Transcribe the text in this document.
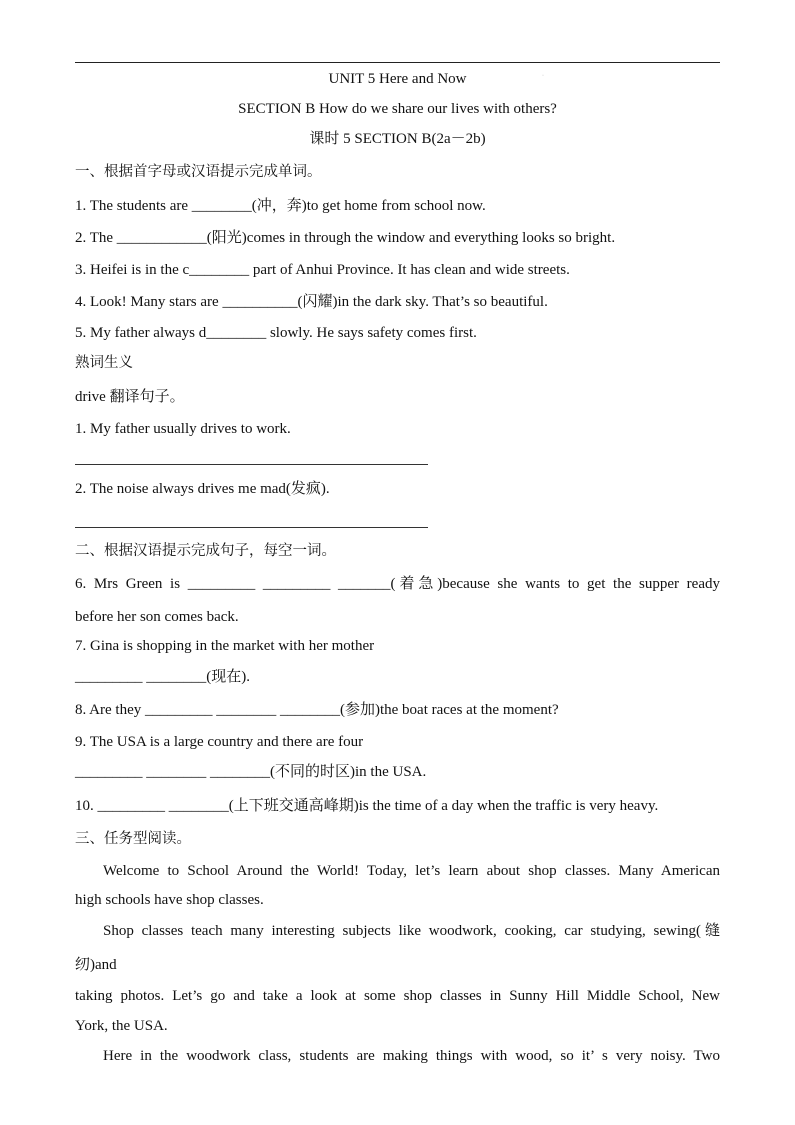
·
UNIT 5 Here and Now
SECTION B How do we share our lives with others?
课时 5 SECTION B(2a－2b)
一、根据首字母或汉语提示完成单词。
1. The students are ________(冲，奔)to get home from school now.
2. The ____________(阳光)comes in through the window and everything looks so bright.
3. Heifei is in the c________ part of Anhui Province. It has clean and wide streets.
4. Look! Many stars are __________(闪耀)in the dark sky. That’s so beautiful.
5. My father always d________ slowly. He says safety comes first.
熟词生义
drive 翻译句子。
1. My father usually drives to work.
2. The noise always drives me mad(发疯).
二、根据汉语提示完成句子，每空一词。
6. Mrs Green is _________ _________ _______(着急)because she wants to get the supper ready
before her son comes back.
7. Gina is shopping in the market with her mother
_________ ________(现在).
8. Are they _________ ________ ________(参加)the boat races at the moment?
9. The USA is a large country and there are four
_________ ________ ________(不同的时区)in the USA.
10. _________ ________(上下班交通高峰期)is the time of a day when the traffic is very heavy.
三、任务型阅读。
Welcome to School Around the World! Today, let’s learn about shop classes. Many American
high schools have shop classes.
Shop classes teach many interesting subjects like woodwork, cooking, car studying, sewing(缝
纫)and
taking photos. Let’s go and take a look at some shop classes in Sunny Hill Middle School, New
York, the USA.
Here in the woodwork class, students are making things with wood, so it’ s very noisy. Two
